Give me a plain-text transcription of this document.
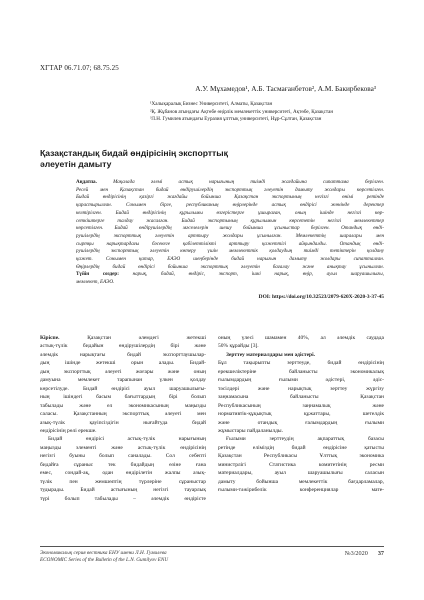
ХГТАР 06.71.07; 68.75.25
А.У. Мұхамедов¹, А.Б. Тасмағанбетов², А.М. Бакирбекова³
¹Халықаралық Бизнес Университеті, Алматы, Қазақстан
²Қ. Жұбанов атындағы Ақтөбе өңірлік мемлекеттік университеті, Ақтөбе, Қазақстан
³Л.Н. Гумилев атындағы Еуразия ұлттық университеті, Нұр-Сұлтан, Қазақстан
Қазақстандық бидай өндірісінің экспорттық
әлеуетін дамыту
Аңдатпа. Мақалада әлемі астық нарығының тиімді жағдайына сипаттама берілген.
Ресей мен Қазақстан бидай өндірушілердің экспорттық әлеуетін дамыту жолдары көрсетілген.
Бидай өндірісінің қазіргі жағдайы бойынша Қазақстан экспортының негізгі өнімі ретінде
қарастырылған. Сонымен бірге, республиканың өңірлерінде астық өндірісі жөнінде деректер
келтірілген. Бидай өндірісінің құрылымы өзгерістерге ұшыраған, оның ішінде негізгі көр-
сеткіштерге талдау жасалған. Бидай экспортының құрылымын көрсететін негізгі мемлекеттер
көрсетілген. Бидай өндірушілердің мәселелерін шешу бойынша ұсыныстар берілген. Отандық өнді-
рушілердің экспорттық әлеуетін арттыру жолдары ұсынылған. Мемлекеттің шаралары мен
сыртқы нарықтардағы бәсекеге қабілеттілікті арттыру қажеттігі айқындалды. Отандық өнді-
рушілердің экспорттық әлеуетін көтеру үшін мемлекеттік қолдаудың тиімді тетіктерін қолдану
қажет. Сонымен қатар, ЕАЭО шеңберінде бидай нарығын дамыту жолдары сипатталған.
Өңірлердің бидай өндірісі бойынша экспорттық әлеуетін бағалау және анықтау ұсынылған.
Түйін сөздер: нарық, бидай, өндіріс, экспорт, ішкі нарық, өңір, ауыл шаруашылығы,
мемлекет, ЕАЭО.
DOI: https://doi.org/10.32523/2079-620X-2020-3-37-45
Кіріспе. Қазақстан әлемдегі жетекші
астық-түлік бидайын өндірушілердің бірі және
әлемдік нарықтағы бидай экспорттаушылар-
дың ішінде жетекші орын алады. Бидай-
дың экспорттық әлеуеті жоғары және оның
дамуына мемлекет тарапынан үлкен қолдау
көрсетілуде. Бидай өндірісі ауыл шаруашылығы-
ның ішіндегі басым бағыттардың бірі болып
табылады және ел экономикасының маңызды
саласы. Қазақстанның экспорттық әлеуеті мен
азық-түлік қауіпсіздігін нығайтуда бидай
өндірісінің рөлі ерекше.
Бидай өндірісі астық-түлік нарығының
маңызды элементі және астық-түлік өндірісінің
негізгі буыны болып саналады. Сол себепті
бидайға сұраныс тек бидайдың өзіне ғана
емес, сондай-ақ, одан өндірілетін жалпы азық-
түлік пен жемшөптің түрлеріне сұраныстар
тудырады. Бидай астығының негізгі тауарлық
түрі болып табылады – әлемдік өндірісте
оның үлесі шамамен 40%, ал әлемдік саудада
50% құрайды [3].
Зерттеу материалдары мен әдістері.
Бұл тақырыпты зерттеуде, бидай өндірісінің
ерекшеліктеріне байланысты экономикалық
ғылымдардың ғылыми әдістері, әдіс-
тәсілдері және нарықтық зерттеу жүргізу
заңнамасына байланысты Қазақстан
Республикасының заңнамалық және
нормативтік-құқықтық құжаттары, шетелдік
және отандық ғалымдардың ғылыми
жұмыстары пайдаланылды.
Ғылыми зерттеудің ақпараттық базасы
ретінде еліміздің бидай өндірісіне қатысты
Қазақстан Республикасы Ұлттық экономика
министрлігі Статистика комитетінің ресми
материалдары, ауыл шаруашылығы саласын
дамыту бойынша мемлекеттік бағдарламалар,
ғылыми-тәжірибелік конференциялар мате-
Экономикалық серия вестника ЕНУ имени Л.Н. Гумилева
ECONOMIC Series of the Bulletin of the L.N. Gumilyov ENU
№3/2020 37
